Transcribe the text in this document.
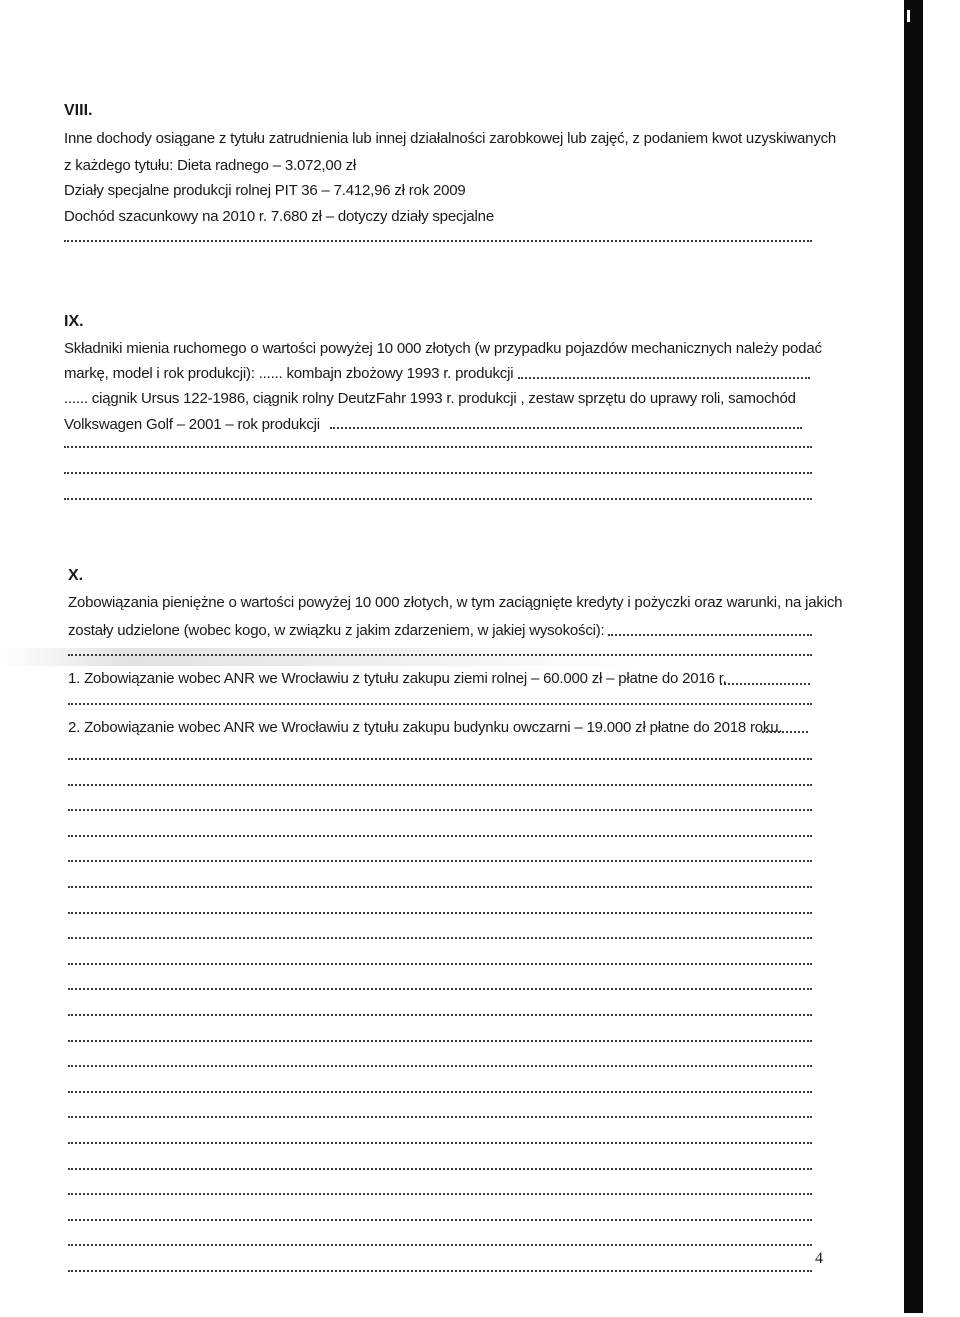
VIII.
Inne dochody osiągane z tytułu zatrudnienia lub innej działalności zarobkowej lub zajęć, z podaniem kwot uzyskiwanych
z każdego tytułu: Dieta radnego – 3.072,00 zł
Działy specjalne produkcji rolnej PIT 36 – 7.412,96 zł rok 2009
Dochód szacunkowy na 2010 r. 7.680 zł – dotyczy działy specjalne
IX.
Składniki mienia ruchomego o wartości powyżej 10 000 złotych (w przypadku pojazdów mechanicznych należy podać
markę, model i rok produkcji): ...... kombajn zbożowy 1993 r. produkcji
...... ciągnik Ursus 122-1986, ciągnik rolny DeutzFahr 1993 r. produkcji , zestaw sprzętu do uprawy roli, samochód
Volkswagen Golf – 2001 – rok produkcji
X.
Zobowiązania pieniężne o wartości powyżej 10 000 złotych, w tym zaciągnięte kredyty i pożyczki oraz warunki, na jakich
zostały udzielone (wobec kogo, w związku z jakim zdarzeniem, w jakiej wysokości):
1. Zobowiązanie wobec ANR we Wrocławiu z tytułu zakupu ziemi rolnej – 60.000 zł – płatne do 2016 r.
2. Zobowiązanie wobec ANR we Wrocławiu z tytułu zakupu budynku owczarni – 19.000 zł płatne do 2018 roku.
4
